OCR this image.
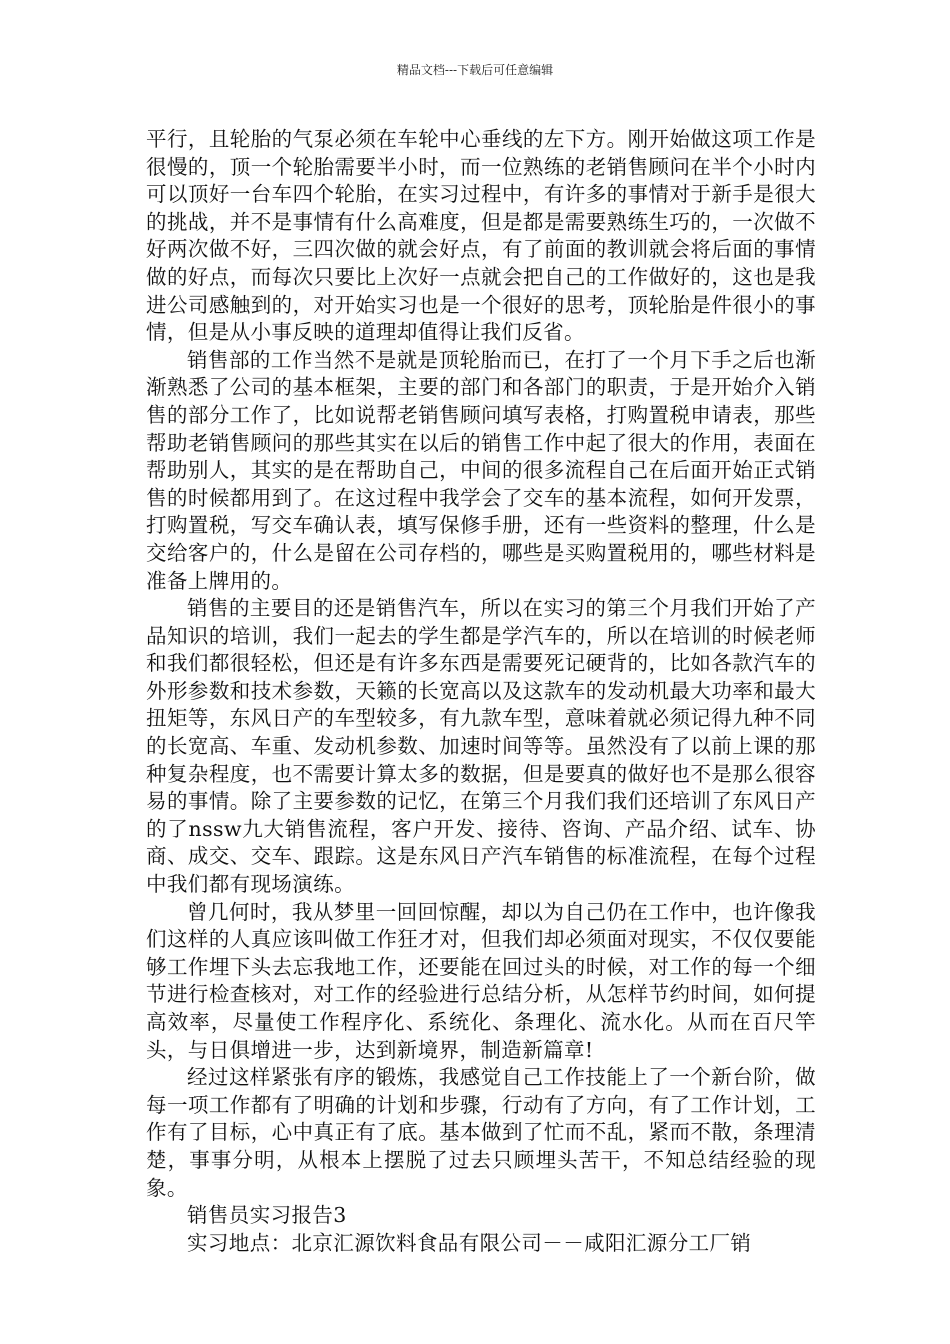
精品文档---下载后可任意编辑

平行，且轮胎的气泵必须在车轮中心垂线的左下方。刚开始做这项工作是很慢的，顶一个轮胎需要半小时，而一位熟练的老销售顾问在半个小时内可以顶好一台车四个轮胎，在实习过程中，有许多的事情对于新手是很大的挑战，并不是事情有什么高难度，但是都是需要熟练生巧的，一次做不好两次做不好，三四次做的就会好点，有了前面的教训就会将后面的事情做的好点，而每次只要比上次好一点就会把自己的工作做好的，这也是我进公司感触到的，对开始实习也是一个很好的思考，顶轮胎是件很小的事情，但是从小事反映的道理却值得让我们反省。

销售部的工作当然不是就是顶轮胎而已，在打了一个月下手之后也渐渐熟悉了公司的基本框架，主要的部门和各部门的职责，于是开始介入销售的部分工作了，比如说帮老销售顾问填写表格，打购置税申请表，那些帮助老销售顾问的那些其实在以后的销售工作中起了很大的作用，表面在帮助别人，其实的是在帮助自己，中间的很多流程自己在后面开始正式销售的时候都用到了。在这过程中我学会了交车的基本流程，如何开发票，打购置税，写交车确认表，填写保修手册，还有一些资料的整理，什么是交给客户的，什么是留在公司存档的，哪些是买购置税用的，哪些材料是准备上牌用的。

销售的主要目的还是销售汽车，所以在实习的第三个月我们开始了产品知识的培训，我们一起去的学生都是学汽车的，所以在培训的时候老师和我们都很轻松，但还是有许多东西是需要死记硬背的，比如各款汽车的外形参数和技术参数，天籁的长宽高以及这款车的发动机最大功率和最大扭矩等，东风日产的车型较多，有九款车型，意味着就必须记得九种不同的长宽高、车重、发动机参数、加速时间等等。虽然没有了以前上课的那种复杂程度，也不需要计算太多的数据，但是要真的做好也不是那么很容易的事情。除了主要参数的记忆，在第三个月我们我们还培训了东风日产的了nssw九大销售流程，客户开发、接待、咨询、产品介绍、试车、协商、成交、交车、跟踪。这是东风日产汽车销售的标准流程，在每个过程中我们都有现场演练。

曾几何时，我从梦里一回回惊醒，却以为自己仍在工作中，也许像我们这样的人真应该叫做工作狂才对，但我们却必须面对现实，不仅仅要能够工作埋下头去忘我地工作，还要能在回过头的时候，对工作的每一个细节进行检查核对，对工作的经验进行总结分析，从怎样节约时间，如何提高效率，尽量使工作程序化、系统化、条理化、流水化。从而在百尺竿头，与日俱增进一步，达到新境界，制造新篇章!

经过这样紧张有序的锻炼，我感觉自己工作技能上了一个新台阶，做每一项工作都有了明确的计划和步骤，行动有了方向，有了工作计划，工作有了目标，心中真正有了底。基本做到了忙而不乱，紧而不散，条理清楚，事事分明，从根本上摆脱了过去只顾埋头苦干，不知总结经验的现象。

销售员实习报告3

实习地点：北京汇源饮料食品有限公司－－咸阳汇源分工厂销
